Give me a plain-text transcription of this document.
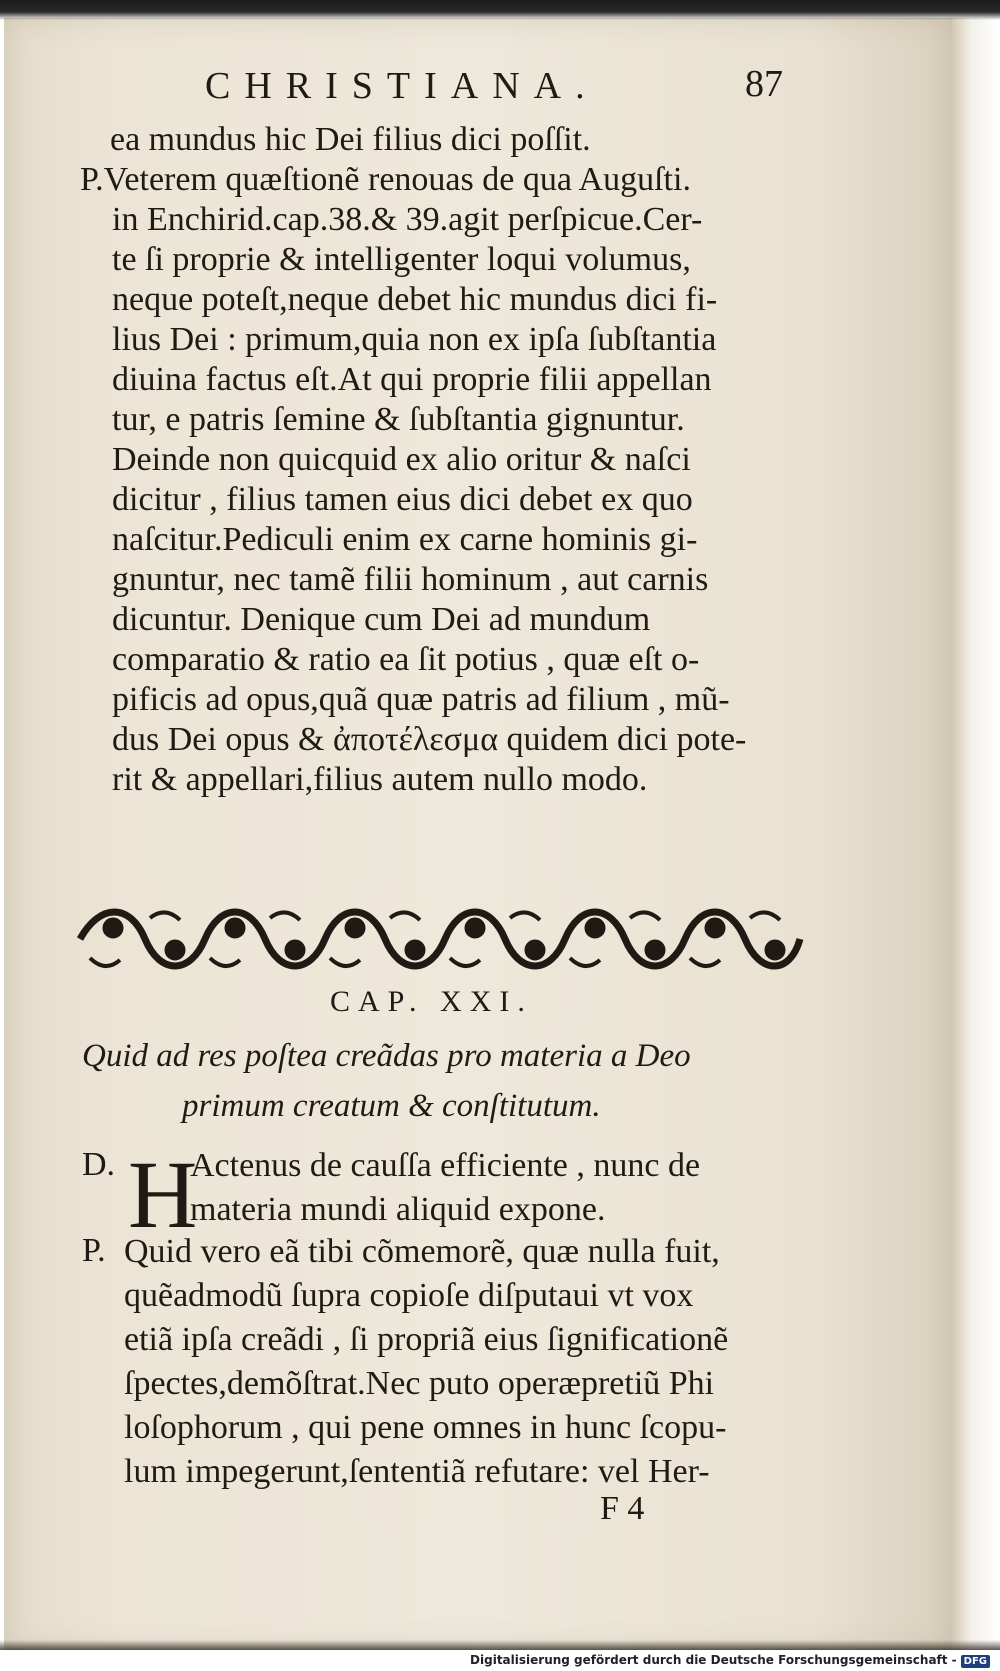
CHRISTIANA.	87
ea mundus hic Dei filius dici poſſit.
P.Veterem quæſtionẽ renouas de qua Auguſti.
in Enchirid.cap.38.& 39.agit perſpicue.Cer-
te ſi proprie & intelligenter loqui volumus,
neque poteſt,neque debet hic mundus dici fi-
lius Dei : primum,quia non ex ipſa ſubſtantia
diuina factus eſt.At qui proprie filii appellan
tur, e patris ſemine & ſubſtantia gignuntur.
Deinde non quicquid ex alio oritur & naſci
dicitur , filius tamen eius dici debet ex quo
naſcitur.Pediculi enim ex carne hominis gi-
gnuntur, nec tamẽ filii hominum , aut carnis
dicuntur. Denique cum Dei ad mundum
comparatio & ratio ea ſit potius , quæ eſt o-
pificis ad opus,quã quæ patris ad filium , mũ-
dus Dei opus & ἀποτέλεσμα quidem dici pote-
rit & appellari,filius autem nullo modo.
CAP. XXI.
Quid ad res poſtea creãdas pro materia a Deo
primum creatum & conſtitutum.
D. H
Actenus de cauſſa efficiente , nunc de
materia mundi aliquid expone.
P. Quid vero eã tibi cõmemorẽ, quæ nulla fuit,
quẽadmodũ ſupra copioſe diſputaui vt vox
etiã ipſa creãdi , ſi propriã eius ſignificationẽ
ſpectes,demõſtrat.Nec puto operæpretiũ Phi
loſophorum , qui pene omnes in hunc ſcopu-
lum impegerunt,ſententiã refutare: vel Her-
F 4
Digitalisierung gefördert durch die Deutsche Forschungsgemeinschaft - DFG
